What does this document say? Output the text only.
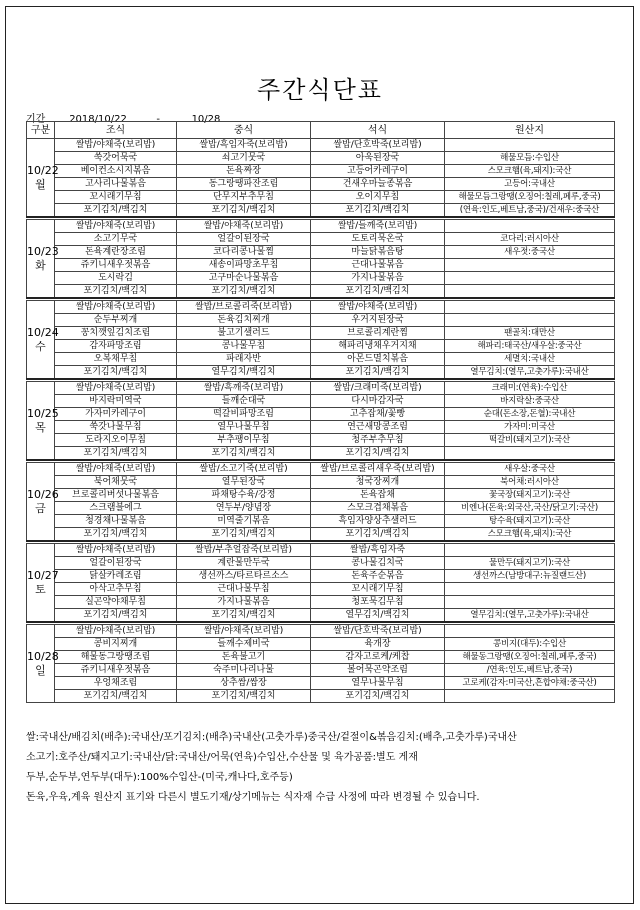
주간식단표
기간 2018/10/22	-	10/28
구분	조식	중식	석식	원산지

10/22
월	쌀밥/야채죽(보리밥)	쌀밥/흑임자죽(보리밥)	쌀밥/단호박죽(보리밥)	
	쑥갓어묵국	쇠고기뭇국	아욱된장국	해물모듬:수입산
	베이컨소시지볶음	돈육짜장	고등어카레구이	스모크햄(육,돼지):국산
	고사리나물볶음	동그랑땡파잔조림	건새우마늘종볶음	고등어:국내산
	꼬시래기무침	단무지부추무침	오이지무침	해물모듬그랑땡(오징어:칠레,페루,중국)
	포기김치/백김치	포기김치/백김치	포기김치/백김치	(연육:인도,베트남,중국)/건새우:중국산

10/23
화	쌀밥/야채죽(보리밥)	쌀밥/야채죽(보리밥)	쌀밥/들깨죽(보리밥)	
	소고기무국	얼갈이된장국	도토리묵온국	코다리:러시아산
	돈육계란장조림	코다리콩나물찜	마늘닭볶음탕	새우젓:중국산
	쥬키니새우젓볶음	새송이파망초무침	근대나물볶음	
	도시락김	고구마순나물볶음	가지나물볶음	
	포기김치/백김치	포기김치/백김치	포기김치/백김치	

10/24
수	쌀밥/야채죽(보리밥)	쌀밥/브로콜리죽(보리밥)	쌀밥/야채죽(보리밥)	
	순두부찌개	돈육김치찌개	우거지된장국	
	꽁치깻잎김치조림	불고기샐러드	브로콜리계란찜	팬골치:대만산
	감자파망조림	콩나물무침	해파리냉채우거지채	해파리:태국산/새우살:중국산
	오복채무침	파래자반	아몬드멸치볶음	세멸치:국내산
	포기김치/백김치	열무김치/백김치	포기김치/백김치	열무김치:(열무,고춧가루):국내산

10/25
목	쌀밥/야채죽(보리밥)	쌀밥/흑깨죽(보리밥)	쌀밥/크래미죽(보리밥)	크래미:(연육):수입산
	바지락미역국	들깨순대국	다시마감자국	바지락살:중국산
	가자미카레구이	떡갈비파망조림	고추잡채/꽃빵	순대(돈소장,돈혈):국내산
	쑥갓나물무침	열무나물무침	연근새망콩조림	가자미:미국산
	도라지오이무침	부추팽이무침	청주부추무침	떡갈비(돼지고기):국산
	포기김치/백김치	포기김치/백김치	포기김치/백김치	

10/26
금	쌀밥/야채죽(보리밥)	쌀밥/소고기죽(보리밥)	쌀밥/브로콜리새우죽(보리밥)	새우살:중국산
	북어채뭇국	열무된장국	청국장찌개	북어채:러시아산
	브로콜리버섯나물볶음	파채탕수육/강정	돈육잡채	꽃국장(돼지고기):국산
	스크램블에그	연두부/양념장	스모크겹채볶음	비엔나(돈육:외국산,국산/닭고기:국산)
	청경채나물볶음	미역줄기볶음	흑임자양상추샐러드	탕수육(돼지고기):국산
	포기김치/백김치	포기김치/백김치	포기김치/백김치	스모크햄(육,돼지):국산

10/27
토	쌀밥/야채죽(보리밥)	쌀밥/부추얼잡죽(보리밥)	쌀밥/흑임자죽	
	얼갈이된장국	계란물만두국	콩나물김치국	물만두(돼지고기):국산
	닭살카레조림	생선까스/타르타르소스	돈육주순볶음	생선까스(남방대구:뉴질랜드산)
	아삭고추무침	근대나물무침	꼬시래기무침	
	실곤약야채무침	가지나물볶음	청포묵김무침	
	포기김치/백김치	포기김치/백김치	열무김치/백김치	열무김치:(열무,고춧가루):국내산

10/28
일	쌀밥/야채죽(보리밥)	쌀밥/야채죽(보리밥)	쌀밥/단호박죽(보리밥)	
	콩비지찌개	들깨수제비국	육개장	콩비지(대두):수입산
	해물동그랑땡조림	돈육불고기	감자고로케/케찹	해물동그랑땡(오징어:칠레,페루,중국)
	쥬키니새우젓볶음	숙주미나리나물	볼어묵곤약조림	/연육:인도,베트남,중국)
	우엉채조림	상추쌈/쌈장	열무나물무침	고로케(감자:미국산,흔합야채:중국산)
	포기김치/백김치	포기김치/백김치	포기김치/백김치	
쌀:국내산/배김치(배추):국내산/포기김치:(배추)국내산(고춧가루)중국산/겉절이&볶음김치:(배추,고춧가루)국내산
소고기:호주산/돼지고기:국내산/닭:국내산/어묵(연육)수입산,수산물 및 육가공품:별도 게재
두부,순두부,연두부(대두):100%수입산-(미국,캐나다,호주등)
돈육,우육,계육 원산지 표기와 다른시 별도기재/상기메뉴는 식자재 수급 사정에 따라 변경될 수 있습니다.
